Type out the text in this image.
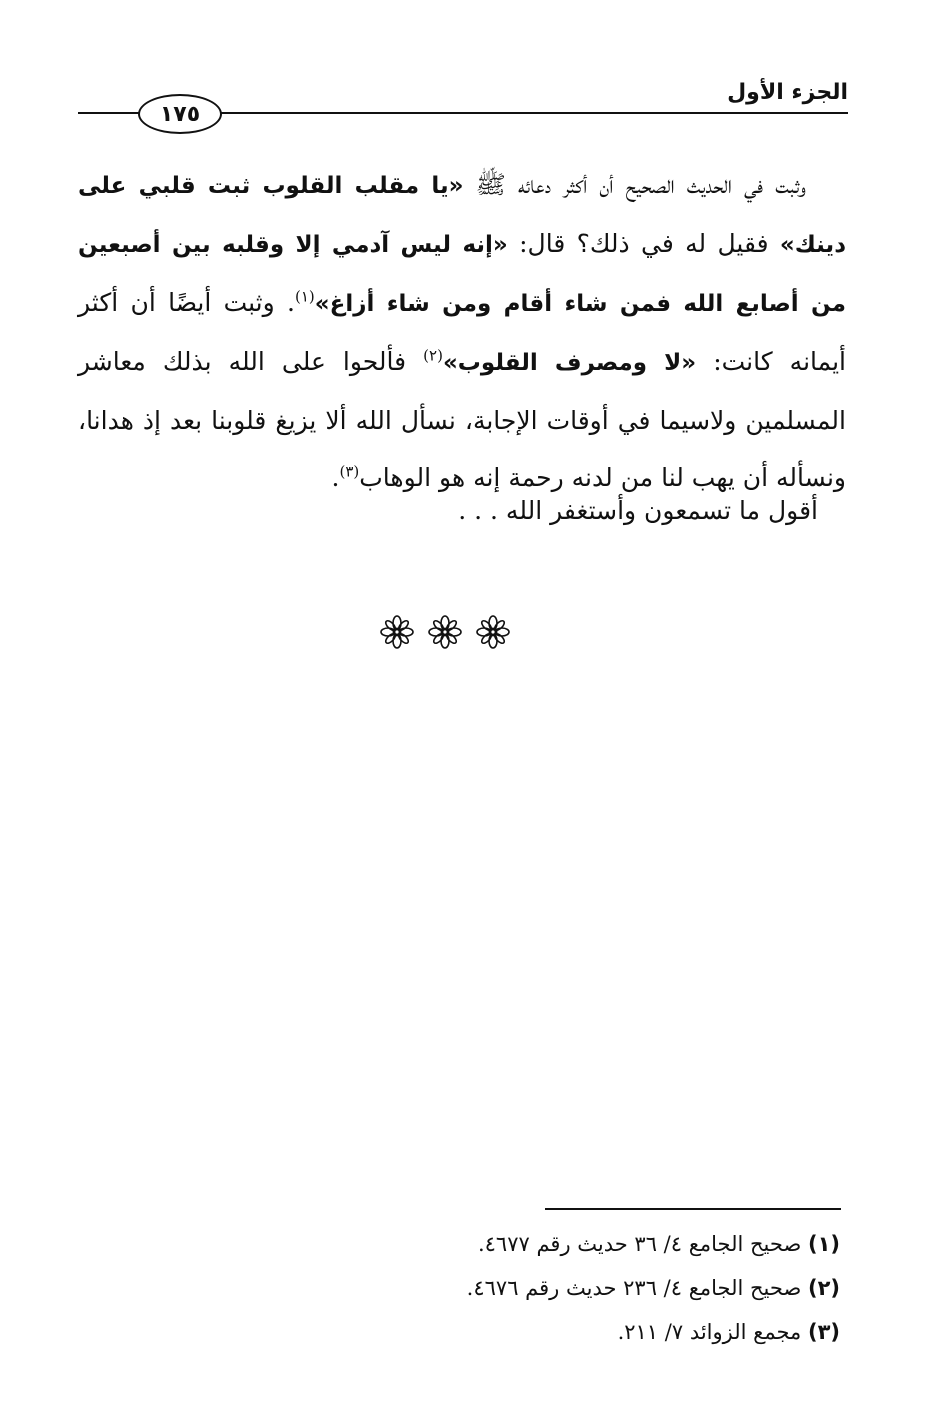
١٧٥
الجزء الأول

وثبت في الحديث الصحيح أن أكثر دعائه ﷺ «يا مقلب القلوب ثبت قلبي على دينك» فقيل له في ذلك؟ قال: «إنه ليس آدمي إلا وقلبه بين أصبعين من أصابع الله فمن شاء أقام ومن شاء أزاغ»$^{(١)}$. وثبت أيضًا أن أكثر أيمانه كانت: «لا ومصرف القلوب»$^{(٢)}$ فألحوا على الله بذلك معاشر المسلمين ولاسيما في أوقات الإجابة، نسأل الله ألا يزيغ قلوبنا بعد إذ هدانا، ونسأله أن يهب لنا من لدنه رحمة إنه هو الوهاب$^{(٣)}$.

أقول ما تسمعون وأستغفر الله . . .

(١) صحيح الجامع ٤/ ٣٦ حديث رقم ٤٦٧٧.

(٢) صحيح الجامع ٤/ ٢٣٦ حديث رقم ٤٦٧٦.

(٣) مجمع الزوائد ٧/ ٢١١.
